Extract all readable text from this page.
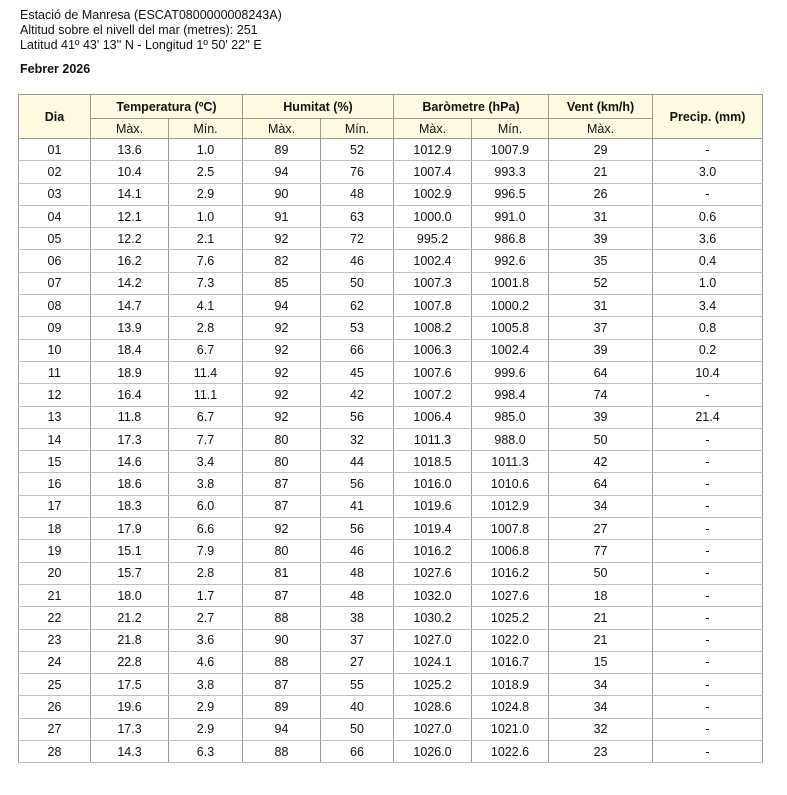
Estació de Manresa (ESCAT0800000008243A)
Altitud sobre el nivell del mar (metres): 251
Latitud 41º 43' 13'' N - Longitud 1º 50' 22'' E
Febrer 2026
Dia	Temperatura (ºC)		Humitat (%)		Baròmetre (hPa)		Vent (km/h)	Precip. (mm)
	Màx.	Mín.	Màx.	Mín.	Màx.	Mín.	Màx.	
01	13.6	1.0	89	52	1012.9	1007.9	29	-
02	10.4	2.5	94	76	1007.4	993.3	21	3.0
03	14.1	2.9	90	48	1002.9	996.5	26	-
04	12.1	1.0	91	63	1000.0	991.0	31	0.6
05	12.2	2.1	92	72	995.2	986.8	39	3.6
06	16.2	7.6	82	46	1002.4	992.6	35	0.4
07	14.2	7.3	85	50	1007.3	1001.8	52	1.0
08	14.7	4.1	94	62	1007.8	1000.2	31	3.4
09	13.9	2.8	92	53	1008.2	1005.8	37	0.8
10	18.4	6.7	92	66	1006.3	1002.4	39	0.2
11	18.9	11.4	92	45	1007.6	999.6	64	10.4
12	16.4	11.1	92	42	1007.2	998.4	74	-
13	11.8	6.7	92	56	1006.4	985.0	39	21.4
14	17.3	7.7	80	32	1011.3	988.0	50	-
15	14.6	3.4	80	44	1018.5	1011.3	42	-
16	18.6	3.8	87	56	1016.0	1010.6	64	-
17	18.3	6.0	87	41	1019.6	1012.9	34	-
18	17.9	6.6	92	56	1019.4	1007.8	27	-
19	15.1	7.9	80	46	1016.2	1006.8	77	-
20	15.7	2.8	81	48	1027.6	1016.2	50	-
21	18.0	1.7	87	48	1032.0	1027.6	18	-
22	21.2	2.7	88	38	1030.2	1025.2	21	-
23	21.8	3.6	90	37	1027.0	1022.0	21	-
24	22.8	4.6	88	27	1024.1	1016.7	15	-
25	17.5	3.8	87	55	1025.2	1018.9	34	-
26	19.6	2.9	89	40	1028.6	1024.8	34	-
27	17.3	2.9	94	50	1027.0	1021.0	32	-
28	14.3	6.3	88	66	1026.0	1022.6	23	-
